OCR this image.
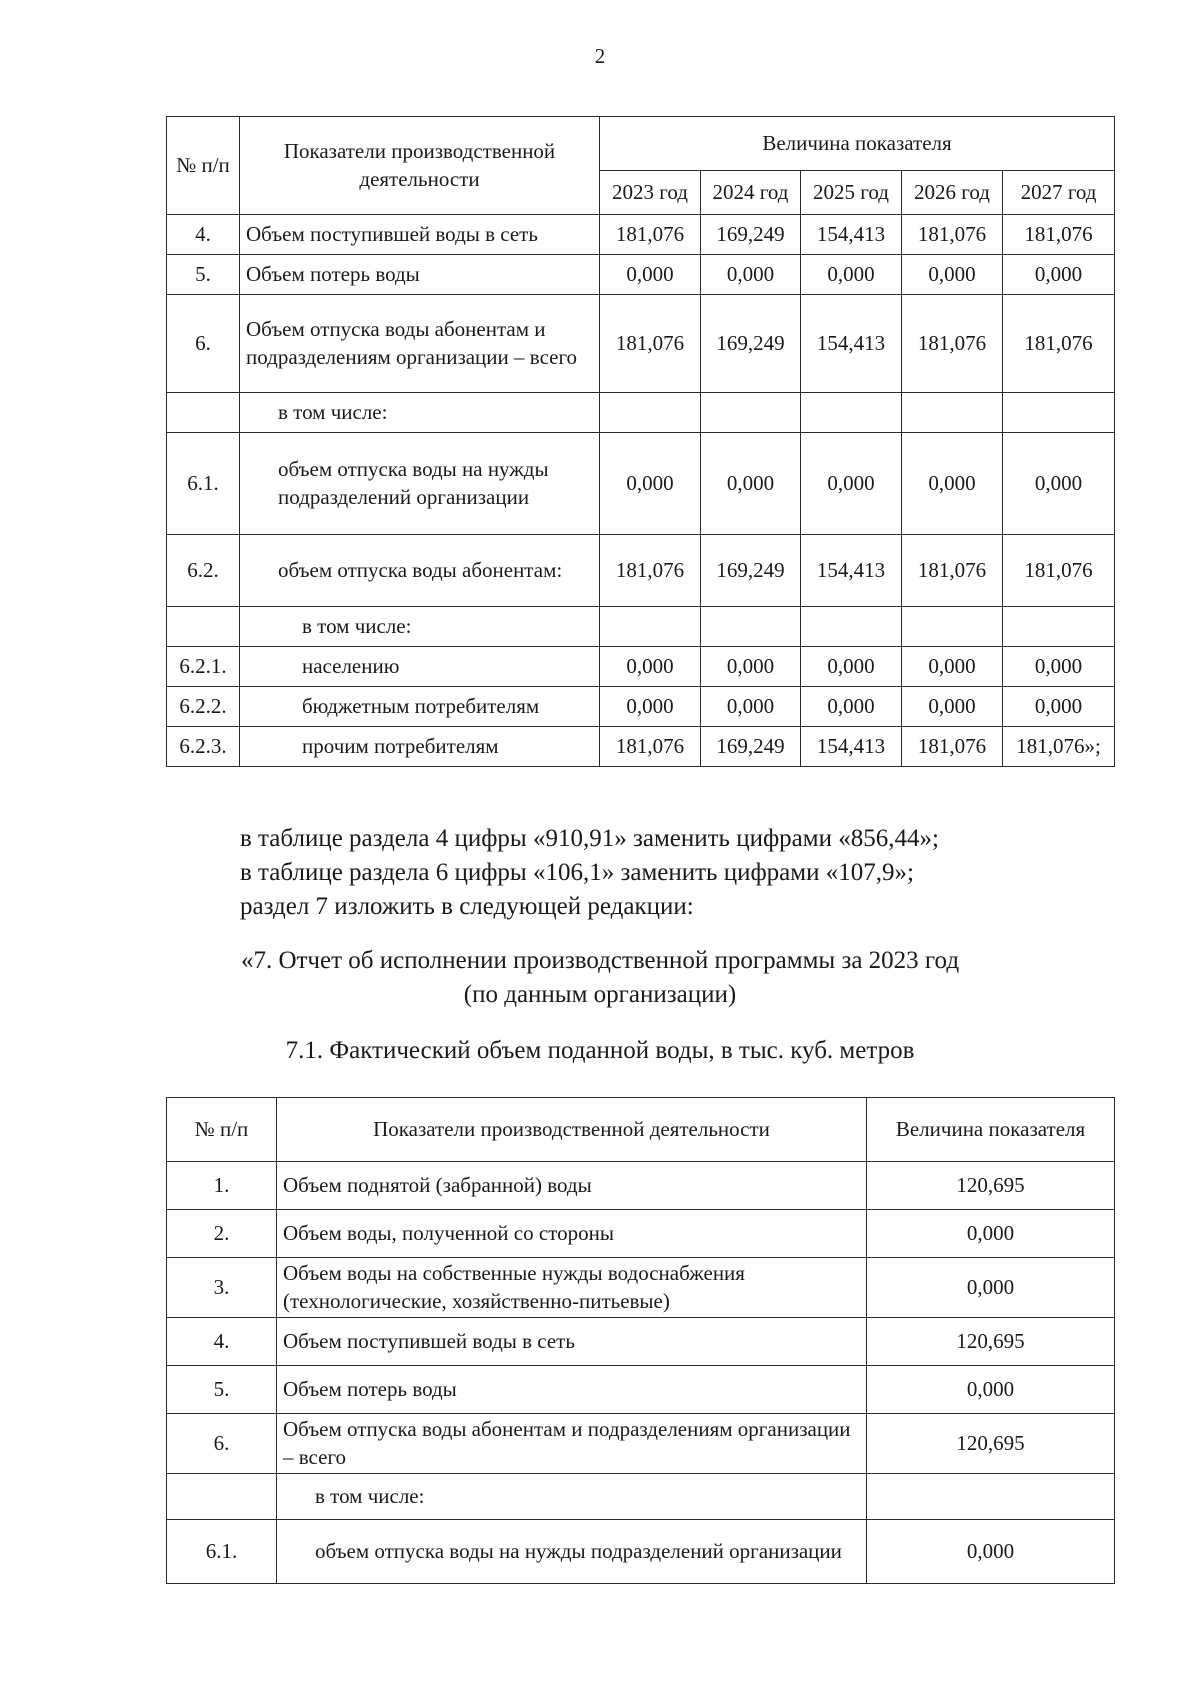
2
№ п/п	Показатели производственной деятельности	Величина показателя				
		2023 год	2024 год	2025 год	2026 год	2027 год
4.	Объем поступившей воды в сеть	181,076	169,249	154,413	181,076	181,076
5.	Объем потерь воды	0,000	0,000	0,000	0,000	0,000
6.	Объем отпуска воды абонентам и подразделениям организации – всего	181,076	169,249	154,413	181,076	181,076
	в том числе:					
6.1.	объем отпуска воды на нужды подразделений организации	0,000	0,000	0,000	0,000	0,000
6.2.	объем отпуска воды абонентам:	181,076	169,249	154,413	181,076	181,076
	в том числе:					
6.2.1.	населению	0,000	0,000	0,000	0,000	0,000
6.2.2.	бюджетным потребителям	0,000	0,000	0,000	0,000	0,000
6.2.3.	прочим потребителям	181,076	169,249	154,413	181,076	181,076»;
в таблице раздела 4 цифры «910,91» заменить цифрами «856,44»;
в таблице раздела 6 цифры «106,1» заменить цифрами «107,9»;
раздел 7 изложить в следующей редакции:
«7. Отчет об исполнении производственной программы за 2023 год
(по данным организации)
7.1. Фактический объем поданной воды, в тыс. куб. метров
№ п/п	Показатели производственной деятельности	Величина показателя
1.	Объем поднятой (забранной) воды	120,695
2.	Объем воды, полученной со стороны	0,000
3.	Объем воды на собственные нужды водоснабжения (технологические, хозяйственно-питьевые)	0,000
4.	Объем поступившей воды в сеть	120,695
5.	Объем потерь воды	0,000
6.	Объем отпуска воды абонентам и подразделениям организации – всего	120,695
	в том числе:	
6.1.	объем отпуска воды на нужды подразделений организации	0,000
